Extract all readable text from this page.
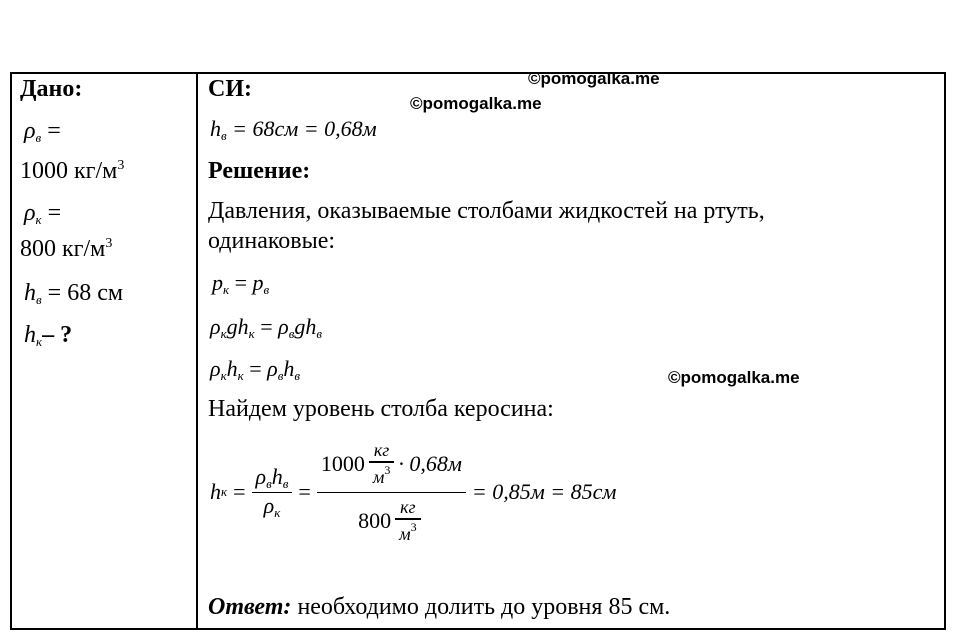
©pomogalka.me
©pomogalka.me
©pomogalka.me
Дано:
$\rho_в$ =
1000 $кг/м^3$
$\rho_к$ =
800 $кг/м^3$
$h_в = 68$ см
$h_к-$ ?
СИ:
$h_в = 68см = 0,68м$
Решение:
Давления, оказываемые столбами жидкостей на ртуть,
одинаковые:
$p_к = p_в$
$\rho_кgh_к = \rho_вgh_в$
$\rho_кh_к = \rho_вh_в$
Найдем уровень столба керосина:
h $к = \frac{\rho_вh_в}{\rho_к}$ =
$1000 \frac{кг}{м^3} \cdot 0,68м$
$800 \frac{кг}{м^3}$
= 0,85м = 85см
Ответ: необходимо долить до уровня 85 см.
